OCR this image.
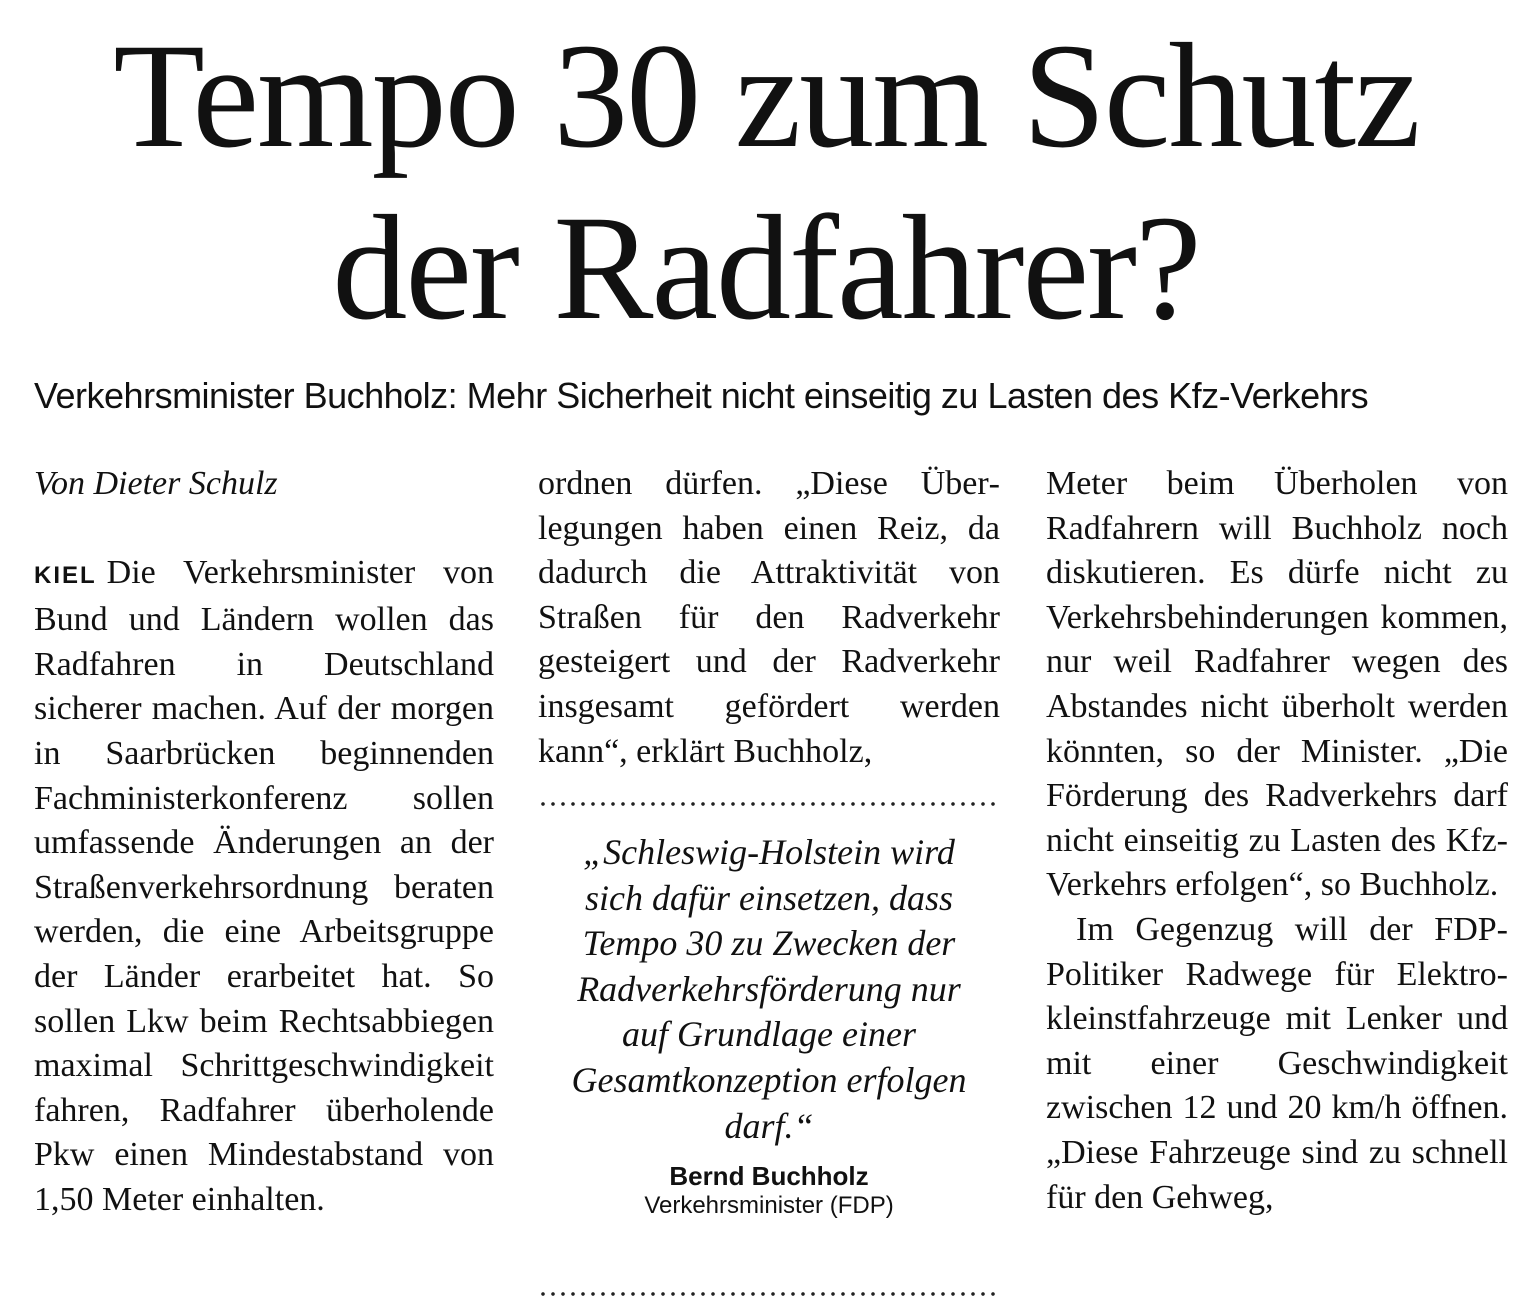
Tempo 30 zum Schutz
der Radfahrer?
Verkehrsminister Buchholz: Mehr Sicherheit nicht einseitig zu Lasten des Kfz-Verkehrs
Von Dieter Schulz

KIEL Die Verkehrsminister von Bund und Ländern wollen das Radfahren in Deutschland sicherer machen. Auf der morgen in Saarbrücken beginnenden Fachministerkonferenz sollen umfassende Änderungen an der Straßenverkehrsordnung beraten werden, die eine Arbeitsgruppe der Länder erarbeitet hat. So sollen Lkw beim Rechtsabbiegen maximal Schrittgeschwindigkeit fahren, Radfahrer überholende Pkw einen Mindestabstand von 1,50 Meter einhalten.

ordnen dürfen. „Diese Überlegungen haben einen Reiz, da dadurch die Attraktivität von Straßen für den Radverkehr gesteigert und der Radverkehr insgesamt gefördert werden kann“, erklärt Buchholz,

„Schleswig-Holstein wird sich dafür einsetzen, dass Tempo 30 zu Zwecken der Radverkehrsförderung nur auf Grundlage einer Gesamtkonzeption erfolgen darf.“
Bernd Buchholz
Verkehrsminister (FDP)

Meter beim Überholen von Radfahrern will Buchholz noch diskutieren. Es dürfe nicht zu Verkehrsbehinderungen kommen, nur weil Radfahrer wegen des Abstandes nicht überholt werden könnten, so der Minister. „Die Förderung des Radverkehrs darf nicht einseitig zu Lasten des Kfz-Verkehrs erfolgen“, so Buchholz.

Im Gegenzug will der FDP-Politiker Radwege für Elektrokleinstfahrzeuge mit Lenker und mit einer Geschwindigkeit zwischen 12 und 20 km/h öffnen. „Diese Fahrzeuge sind zu schnell für den Gehweg,
